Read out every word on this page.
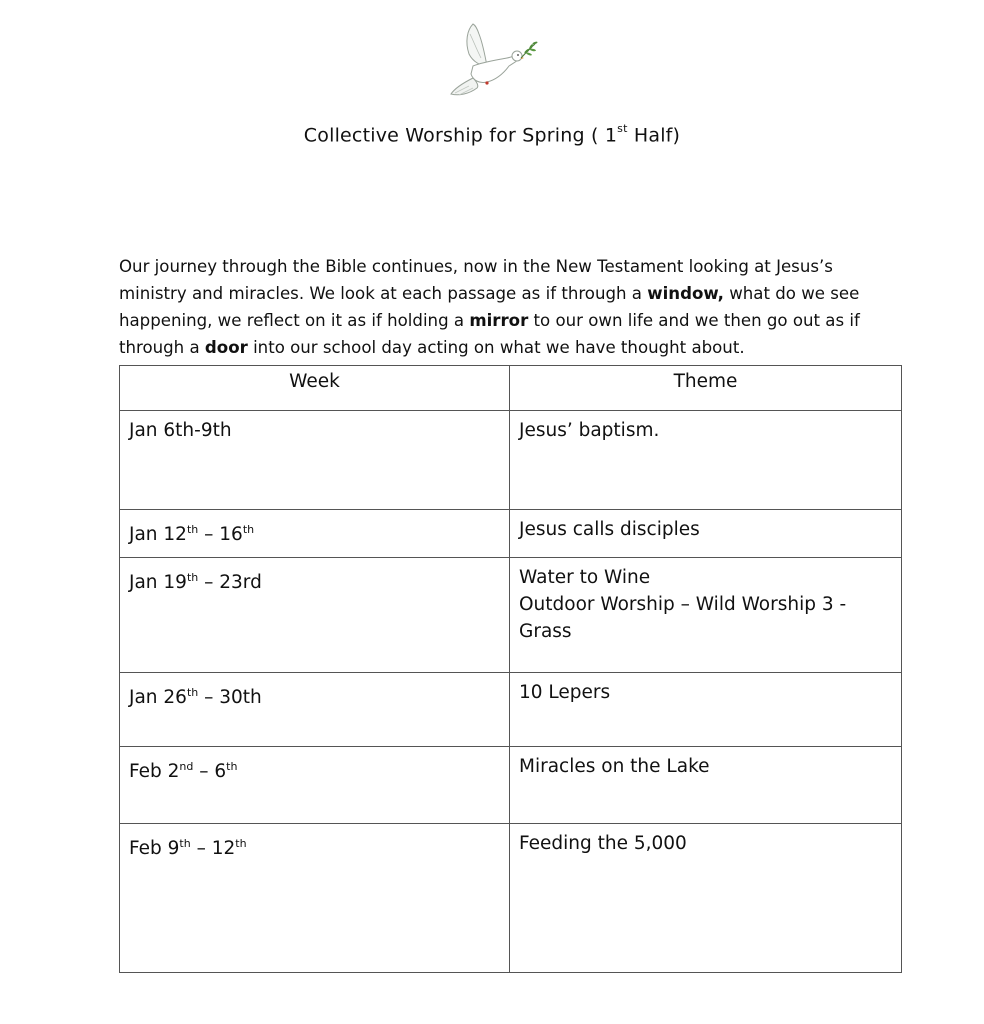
Collective Worship for Spring ( 1st Half)
Our journey through the Bible continues, now in the New Testament looking at Jesus’s ministry and miracles. We look at each passage as if through a window, what do we see happening, we reflect on it as if holding a mirror to our own life and we then go out as if through a door into our school day acting on what we have thought about.
Week	Theme
Jan 6th-9th	Jesus’ baptism.

Jan 12th – 16th	Jesus calls disciples

Jan 19th – 23rd	Water to Wine
Outdoor Worship – Wild Worship 3 -
Grass

Jan 26th – 30th	10 Lepers

Feb 2nd – 6th	Miracles on the Lake

Feb 9th – 12th	Feeding the 5,000
